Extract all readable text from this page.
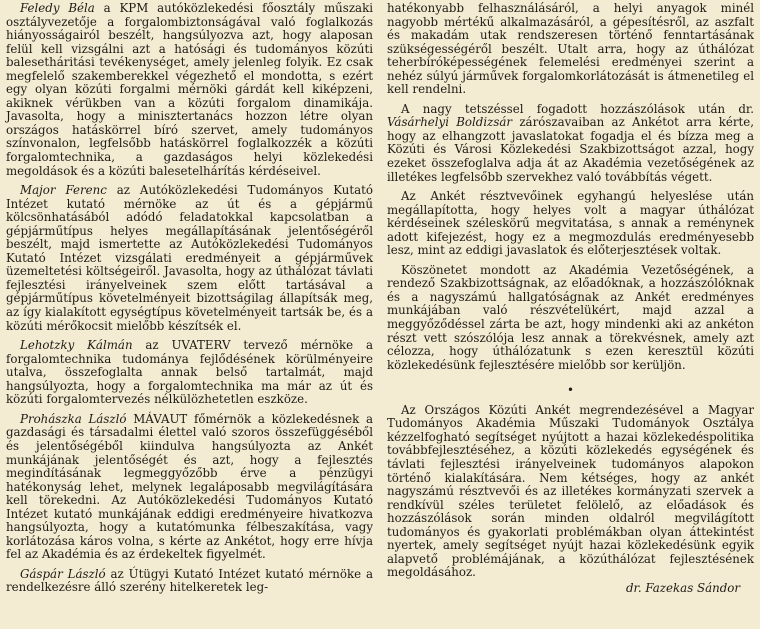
Feledy Béla a KPM autóközlekedési főosztály műszaki osztályvezetője a forgalombiztonságával való foglalkozás hiányosságairól beszélt, hangsúlyozva azt, hogy alaposan felül kell vizsgálni azt a hatósági és tudományos közúti balesetháritási tevékenységet, amely jelenleg folyik. Ez csak megfelelő szakemberekkel végezhető el mondotta, s ezért egy olyan közúti forgalmi mérnöki gárdát kell kiképzeni, akiknek vérükben van a közúti forgalom dinamikája. Javasolta, hogy a minisztertanács hozzon létre olyan országos hatáskörrel bíró szervet, amely tudományos színvonalon, legfelsőbb hatáskörrel foglalkozzék a közúti forgalomtechnika, a gazdaságos helyi közlekedési megoldások és a közúti balesetelhárítás kérdéseivel.

Major Ferenc az Autóközlekedési Tudományos Kutató Intézet kutató mérnöke az út és a gépjármű kölcsönhatásából adódó feladatokkal kapcsolatban a gépjárműtípus helyes megállapításának jelentőségéről beszélt, majd ismertette az Autóközlekedési Tudományos Kutató Intézet vizsgálati eredményeit a gépjárművek üzemeltetési költségeiről. Javasolta, hogy az úthálózat távlati fejlesztési irányelveinek szem előtt tartásával a gépjárműtípus követelményeit bizottságilag állapítsák meg, az így kialakított egységtípus követelményeit tartsák be, és a közúti mérőkocsit mielőbb készítsék el.

Lehotzky Kálmán az UVATERV tervező mérnöke a forgalomtechnika tudománya fejlődésének körülményeire utalva, összefoglalta annak belső tartalmát, majd hangsúlyozta, hogy a forgalomtechnika ma már az út és közúti forgalomtervezés nélkülözhetetlen eszköze.

Prohászka László MÁVAUT főmérnök a közlekedésnek a gazdasági és társadalmi élettel való szoros összefüggéséből és jelentőségéből kiindulva hangsúlyozta az Ankét munkájának jelentőségét és azt, hogy a fejlesztés megindításának legmeggyőzőbb érve a pénzügyi hatékonyság lehet, melynek legaláposabb megvilágítására kell törekedni. Az Autóközlekedési Tudományos Kutató Intézet kutató munkájának eddigi eredményeire hivatkozva hangsúlyozta, hogy a kutatómunka félbeszakítása, vagy korlátozása káros volna, s kérte az Ankétot, hogy erre hívja fel az Akadémia és az érdekeltek figyelmét.

Gáspár László az Útügyi Kutató Intézet kutató mérnöke a rendelkezésre álló szerény hitelkeretek leg-

hatékonyabb felhasználásáról, a helyi anyagok minél nagyobb mértékű alkalmazásáról, a gépesítésről, az aszfalt és makadám utak rendszeresen történő fenntartásának szükségességéről beszélt. Utalt arra, hogy az úthálózat teherbíróképességének felemelési eredményei szerint a nehéz súlyú járművek forgalomkorlátozását is átmenetileg el kell rendelni.

A nagy tetszéssel fogadott hozzászólások után dr. Vásárhelyi Boldizsár zárószavaiban az Ankétot arra kérte, hogy az elhangzott javaslatokat fogadja el és bízza meg a Közúti és Városi Közlekedési Szakbizottságot azzal, hogy ezeket összefoglalva adja át az Akadémia vezetőségének az illetékes legfelsőbb szervekhez való továbbítás végett.

Az Ankét résztvevőinek egyhangú helyeslése után megállapította, hogy helyes volt a magyar úthálózat kérdéseinek széleskörű megvitatása, s annak a reménynek adott kifejezést, hogy ez a megmozdulás eredményesebb lesz, mint az eddigi javaslatok és előterjesztések voltak.

Köszönetet mondott az Akadémia Vezetőségének, a rendező Szakbizottságnak, az előadóknak, a hozzászólóknak és a nagyszámú hallgatóságnak az Ankét eredményes munkájában való részvételükért, majd azzal a meggyőződéssel zárta be azt, hogy mindenki aki az ankéton részt vett szószólója lesz annak a törekvésnek, amely azt célozza, hogy úthálózatunk s ezen keresztül közúti közlekedésünk fejlesztésére mielőbb sor kerüljön.

•

Az Országos Közúti Ankét megrendezésével a Magyar Tudományos Akadémia Műszaki Tudományok Osztálya kézzelfogható segítséget nyújtott a hazai közlekedéspolitika továbbfejlesztéséhez, a közúti közlekedés egységének és távlati fejlesztési irányelveinek tudományos alapokon történő kialakítására. Nem kétséges, hogy az ankét nagyszámú résztvevői és az illetékes kormányzati szervek a rendkívül széles területet felölelő, az előadások és hozzászólások során minden oldalról megvilágított tudományos és gyakorlati problémákban olyan áttekintést nyertek, amely segítséget nyújt hazai közlekedésünk egyik alapvető problémájának, a közúthálózat fejlesztésének megoldásához.

dr. Fazekas Sándor
